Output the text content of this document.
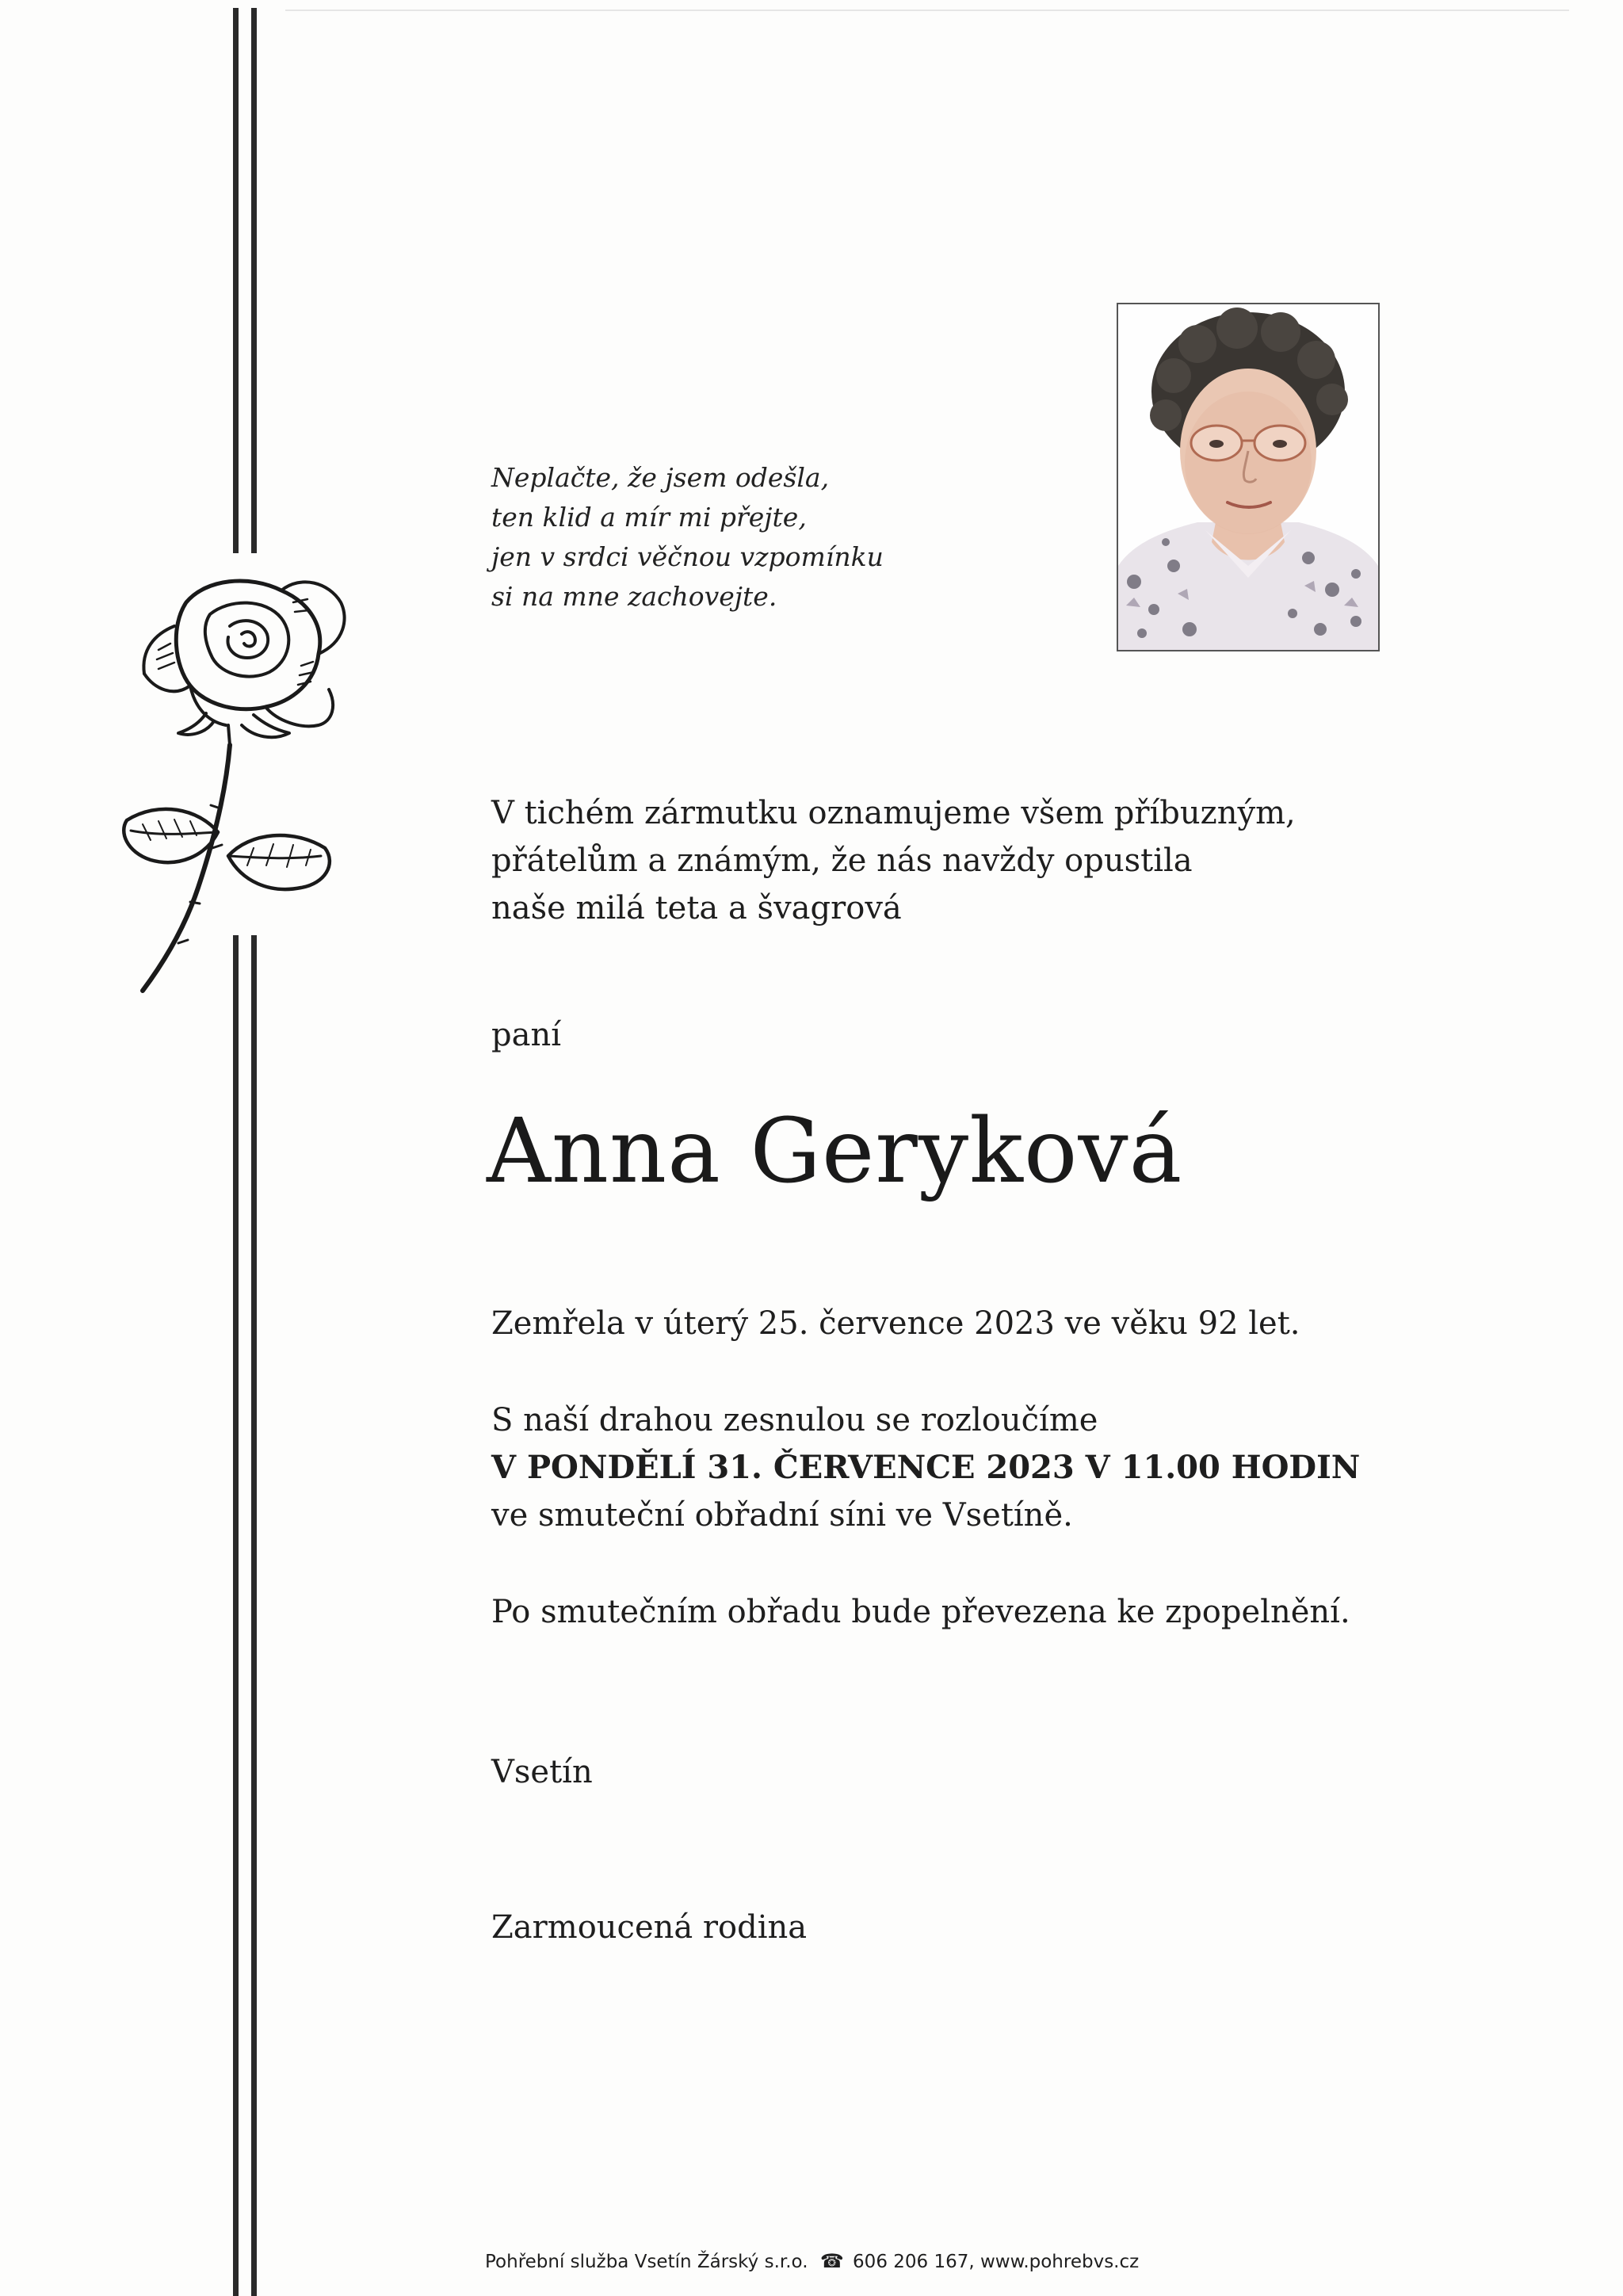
Neplačte, že jsem odešla,
ten klid a mír mi přejte,
jen v srdci věčnou vzpomínku
si na mne zachovejte.
V tichém zármutku oznamujeme všem příbuzným,
přátelům a známým, že nás navždy opustila
naše milá teta a švagrová
paní
Anna Geryková
Zemřela v úterý 25. července 2023 ve věku 92 let.
S naší drahou zesnulou se rozloučíme
V PONDĚLÍ 31. ČERVENCE 2023 V 11.00 HODIN
ve smuteční obřadní síni ve Vsetíně.
Po smutečním obřadu bude převezena ke zpopelnění.
Vsetín
Zarmoucená rodina
Pohřební služba Vsetín Žárský s.r.o. ☎ 606 206 167, www.pohrebvs.cz
